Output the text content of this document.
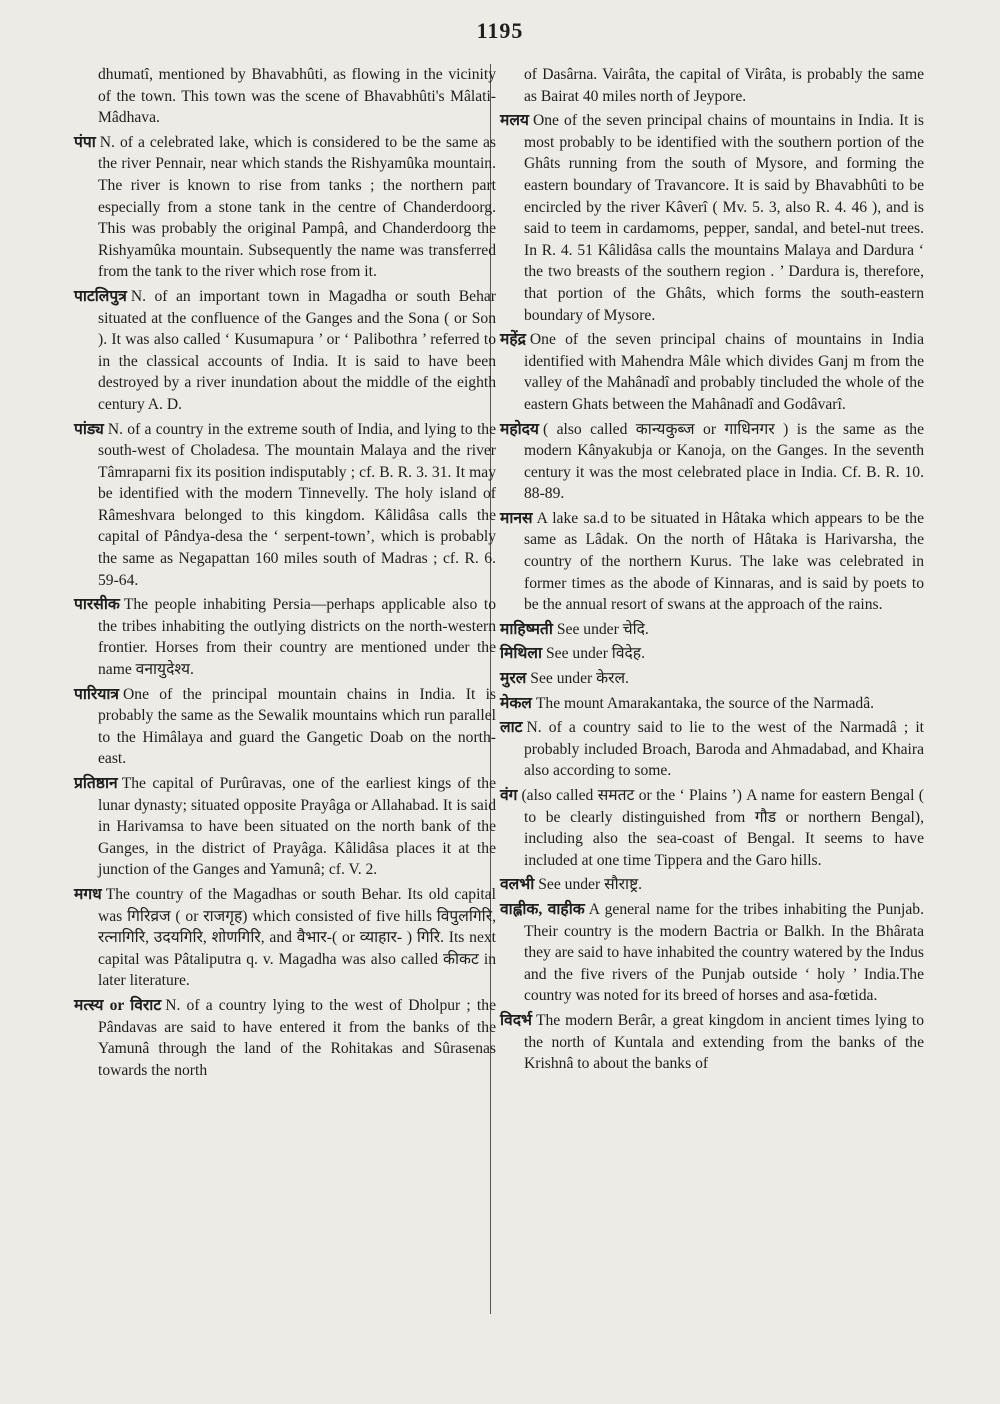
1195

dhumatî, mentioned by Bhavabhûti, as flowing in the vicinity of the town. This town was the scene of Bhavabhûti's Mâlati-Mâdhava.

पंपा N. of a celebrated lake, which is considered to be the same as the river Pennair, near which stands the Rishyamûka mountain. The river is known to rise from tanks ; the northern part especially from a stone tank in the centre of Chanderdoorg. This was probably the original Pampâ, and Chanderdoorg the Rishyamûka mountain. Subsequently the name was transferred from the tank to the river which rose from it.

पाटलिपुत्र N. of an important town in Magadha or south Behar situated at the confluence of the Ganges and the Sona ( or Son ). It was also called ‘ Kusumapura ’ or ‘ Palibothra ’ referred to in the classical accounts of India. It is said to have been destroyed by a river inundation about the middle of the eighth century A. D.

पांड्य N. of a country in the extreme south of India, and lying to the south-west of Choladesa. The mountain Malaya and the river Tâmraparni fix its position indisputably ; cf. B. R. 3. 31. It may be identified with the modern Tinnevelly. The holy island of Râmeshvara belonged to this kingdom. Kâlidâsa calls the capital of Pândya-desa the ‘ serpent-town’, which is probably the same as Negapattan 160 miles south of Madras ; cf. R. 6. 59-64.

पारसीक The people inhabiting Persia—perhaps applicable also to the tribes inhabiting the outlying districts on the north-western frontier. Horses from their country are mentioned under the name वनायुदेश्य.

पारियात्र One of the principal mountain chains in India. It is probably the same as the Sewalik mountains which run parallel to the Himâlaya and guard the Gangetic Doab on the north-east.

प्रतिष्ठान The capital of Purûravas, one of the earliest kings of the lunar dynasty; situated opposite Prayâga or Allahabad. It is said in Harivamsa to have been situated on the north bank of the Ganges, in the district of Prayâga. Kâlidâsa places it at the junction of the Ganges and Yamunâ; cf. V. 2.

मगध The country of the Magadhas or south Behar. Its old capital was गिरिव्रज ( or राजगृह) which consisted of five hills विपुलगिरि, रत्नागिरि, उदयगिरि, शोणगिरि, and वैभार-( or व्याहार- ) गिरि. Its next capital was Pâtaliputra q. v. Magadha was also called कीकट in later literature.

मत्स्य or विराट N. of a country lying to the west of Dholpur ; the Pândavas are said to have entered it from the banks of the Yamunâ through the land of the Rohitakas and Sûrasenas towards the north

of Dasârna. Vairâta, the capital of Virâta, is probably the same as Bairat 40 miles north of Jeypore.

मलय One of the seven principal chains of mountains in India. It is most probably to be identified with the southern portion of the Ghâts running from the south of Mysore, and forming the eastern boundary of Travancore. It is said by Bhavabhûti to be encircled by the river Kâverî ( Mv. 5. 3, also R. 4. 46 ), and is said to teem in cardamoms, pepper, sandal, and betel-nut trees. In R. 4. 51 Kâlidâsa calls the mountains Malaya and Dardura ‘ the two breasts of the southern region . ’ Dardura is, therefore, that portion of the Ghâts, which forms the south-eastern boundary of Mysore.

महेंद्र One of the seven principal chains of mountains in India identified with Mahendra Mâle which divides Ganj m from the valley of the Mahânadî and probably tincluded the whole of the eastern Ghats between the Mahânadî and Godâvarî.

महोदय ( also called कान्यकुब्ज or गाधिनगर ) is the same as the modern Kânyakubja or Kanoja, on the Ganges. In the seventh century it was the most celebrated place in India. Cf. B. R. 10. 88-89.

मानस A lake sa.d to be situated in Hâtaka which appears to be the same as Lâdak. On the north of Hâtaka is Harivarsha, the country of the northern Kurus. The lake was celebrated in former times as the abode of Kinnaras, and is said by poets to be the annual resort of swans at the approach of the rains.

माहिष्मती See under चेदि.

मिथिला See under विदेह.

मुरल See under केरल.

मेकल The mount Amarakantaka, the source of the Narmadâ.

लाट N. of a country said to lie to the west of the Narmadâ ; it probably included Broach, Baroda and Ahmadabad, and Khaira also according to some.

वंग (also called समतट or the ‘ Plains ’) A name for eastern Bengal ( to be clearly distinguished from गौड or northern Bengal), including also the sea-coast of Bengal. It seems to have included at one time Tippera and the Garo hills.

वलभी See under सौराष्ट्र.

वाह्लीक, वाहीक A general name for the tribes inhabiting the Punjab. Their country is the modern Bactria or Balkh. In the Bhârata they are said to have inhabited the country watered by the Indus and the five rivers of the Punjab outside ‘ holy ’ India.The country was noted for its breed of horses and asa-fœtida.

विदर्भ The modern Berâr, a great kingdom in ancient times lying to the north of Kuntala and extending from the banks of the Krishnâ to about the banks of
